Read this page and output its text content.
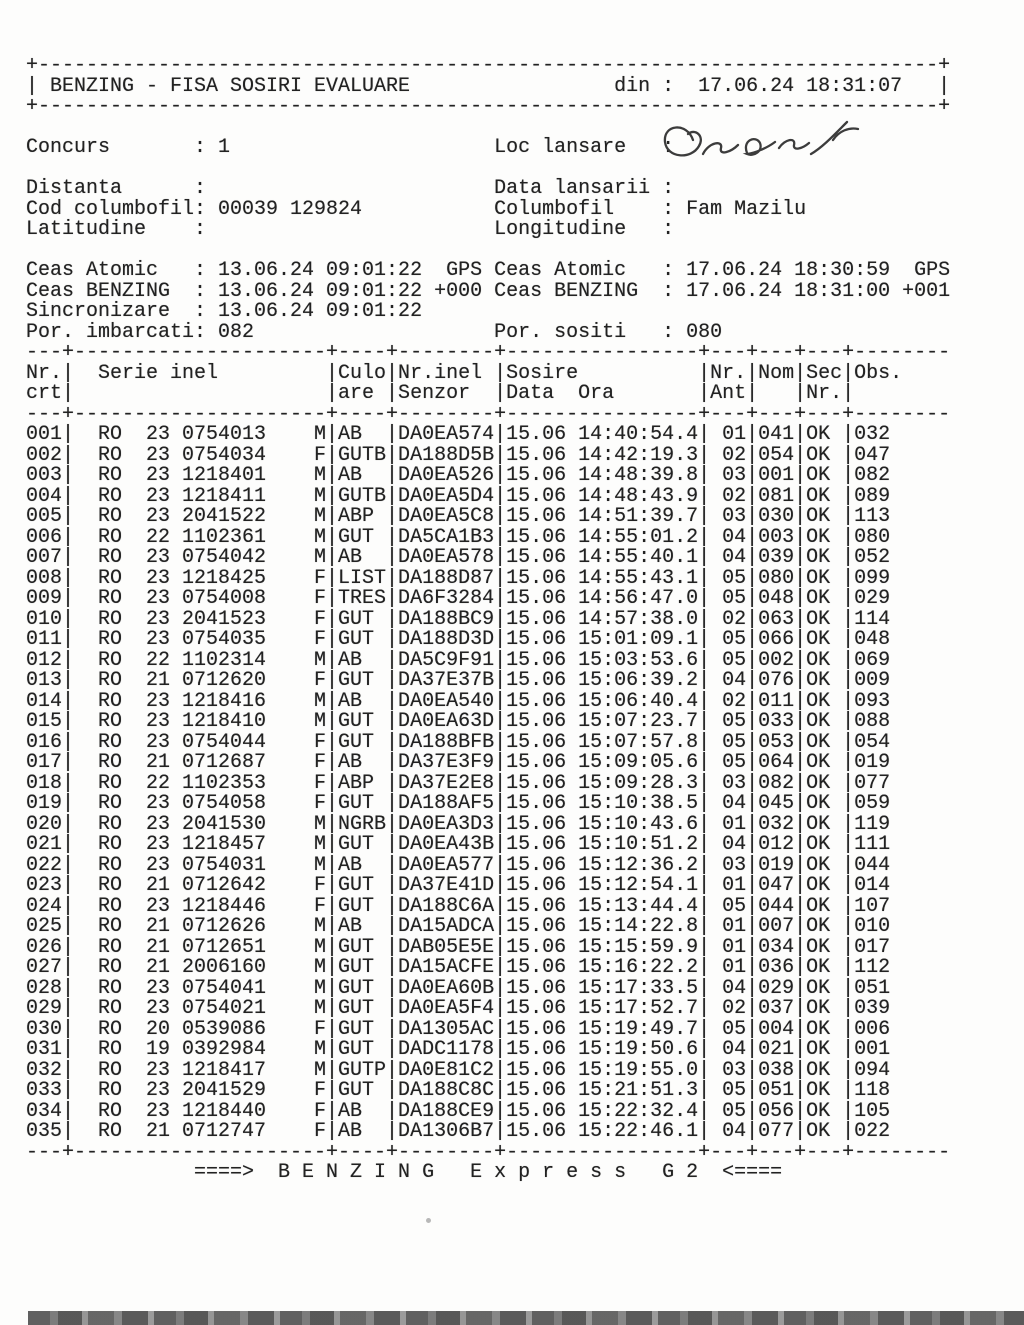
+---------------------------------------------------------------------------+
| BENZING - FISA SOSIRI EVALUARE                 din :  17.06.24 18:31:07   |
+---------------------------------------------------------------------------+

Concurs       : 1                      Loc lansare   :

Distanta      :                        Data lansarii :
Cod columbofil: 00039 129824           Columbofil    : Fam Mazilu
Latitudine    :                        Longitudine   :

Ceas Atomic   : 13.06.24 09:01:22  GPS Ceas Atomic   : 17.06.24 18:30:59  GPS
Ceas BENZING  : 13.06.24 09:01:22 +000 Ceas BENZING  : 17.06.24 18:31:00 +001
Sincronizare  : 13.06.24 09:01:22
Por. imbarcati: 082                    Por. sositi   : 080
---+---------------------+----+--------+----------------+---+---+---+--------
Nr.|  Serie inel         |Culo|Nr.inel |Sosire          |Nr.|Nom|Sec|Obs.
crt|                     |are |Senzor  |Data  Ora       |Ant|   |Nr.|
---+---------------------+----+--------+----------------+---+---+---+--------
001|  RO  23 0754013    M|AB  |DA0EA574|15.06 14:40:54.4| 01|041|OK |032
002|  RO  23 0754034    F|GUTB|DA188D5B|15.06 14:42:19.3| 02|054|OK |047
003|  RO  23 1218401    M|AB  |DA0EA526|15.06 14:48:39.8| 03|001|OK |082
004|  RO  23 1218411    M|GUTB|DA0EA5D4|15.06 14:48:43.9| 02|081|OK |089
005|  RO  23 2041522    M|ABP |DA0EA5C8|15.06 14:51:39.7| 03|030|OK |113
006|  RO  22 1102361    M|GUT |DA5CA1B3|15.06 14:55:01.2| 04|003|OK |080
007|  RO  23 0754042    M|AB  |DA0EA578|15.06 14:55:40.1| 04|039|OK |052
008|  RO  23 1218425    F|LIST|DA188D87|15.06 14:55:43.1| 05|080|OK |099
009|  RO  23 0754008    F|TRES|DA6F3284|15.06 14:56:47.0| 05|048|OK |029
010|  RO  23 2041523    F|GUT |DA188BC9|15.06 14:57:38.0| 02|063|OK |114
011|  RO  23 0754035    F|GUT |DA188D3D|15.06 15:01:09.1| 05|066|OK |048
012|  RO  22 1102314    M|AB  |DA5C9F91|15.06 15:03:53.6| 05|002|OK |069
013|  RO  21 0712620    F|GUT |DA37E37B|15.06 15:06:39.2| 04|076|OK |009
014|  RO  23 1218416    M|AB  |DA0EA540|15.06 15:06:40.4| 02|011|OK |093
015|  RO  23 1218410    M|GUT |DA0EA63D|15.06 15:07:23.7| 05|033|OK |088
016|  RO  23 0754044    F|GUT |DA188BFB|15.06 15:07:57.8| 05|053|OK |054
017|  RO  21 0712687    F|AB  |DA37E3F9|15.06 15:09:05.6| 05|064|OK |019
018|  RO  22 1102353    F|ABP |DA37E2E8|15.06 15:09:28.3| 03|082|OK |077
019|  RO  23 0754058    F|GUT |DA188AF5|15.06 15:10:38.5| 04|045|OK |059
020|  RO  23 2041530    M|NGRB|DA0EA3D3|15.06 15:10:43.6| 01|032|OK |119
021|  RO  23 1218457    M|GUT |DA0EA43B|15.06 15:10:51.2| 04|012|OK |111
022|  RO  23 0754031    M|AB  |DA0EA577|15.06 15:12:36.2| 03|019|OK |044
023|  RO  21 0712642    F|GUT |DA37E41D|15.06 15:12:54.1| 01|047|OK |014
024|  RO  23 1218446    F|GUT |DA188C6A|15.06 15:13:44.4| 05|044|OK |107
025|  RO  21 0712626    M|AB  |DA15ADCA|15.06 15:14:22.8| 01|007|OK |010
026|  RO  21 0712651    M|GUT |DAB05E5E|15.06 15:15:59.9| 01|034|OK |017
027|  RO  21 2006160    M|GUT |DA15ACFE|15.06 15:16:22.2| 01|036|OK |112
028|  RO  23 0754041    M|GUT |DA0EA60B|15.06 15:17:33.5| 04|029|OK |051
029|  RO  23 0754021    M|GUT |DA0EA5F4|15.06 15:17:52.7| 02|037|OK |039
030|  RO  20 0539086    F|GUT |DA1305AC|15.06 15:19:49.7| 05|004|OK |006
031|  RO  19 0392984    M|GUT |DADC1178|15.06 15:19:50.6| 04|021|OK |001
032|  RO  23 1218417    M|GUTP|DA0E81C2|15.06 15:19:55.0| 03|038|OK |094
033|  RO  23 2041529    F|GUT |DA188C8C|15.06 15:21:51.3| 05|051|OK |118
034|  RO  23 1218440    F|AB  |DA188CE9|15.06 15:22:32.4| 05|056|OK |105
035|  RO  21 0712747    F|AB  |DA1306B7|15.06 15:22:46.1| 04|077|OK |022
---+---------------------+----+--------+----------------+---+---+---+--------
====>  B E N Z I N G   E x p r e s s   G 2  <====
